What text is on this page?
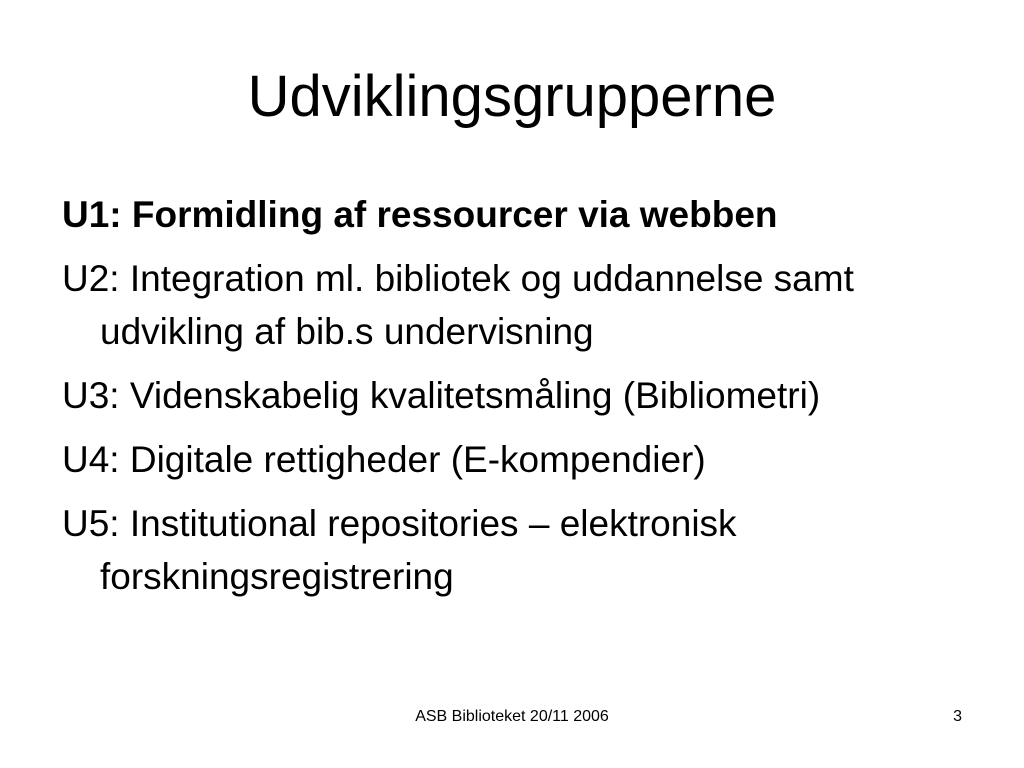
Udviklingsgrupperne
U1: Formidling af ressourcer via webben
U2: Integration ml. bibliotek og uddannelse samt udvikling af bib.s undervisning
U3: Videnskabelig kvalitetsmåling (Bibliometri)
U4: Digitale rettigheder (E-kompendier)
U5: Institutional repositories – elektronisk forskningsregistrering
ASB Biblioteket 20/11 2006	3
